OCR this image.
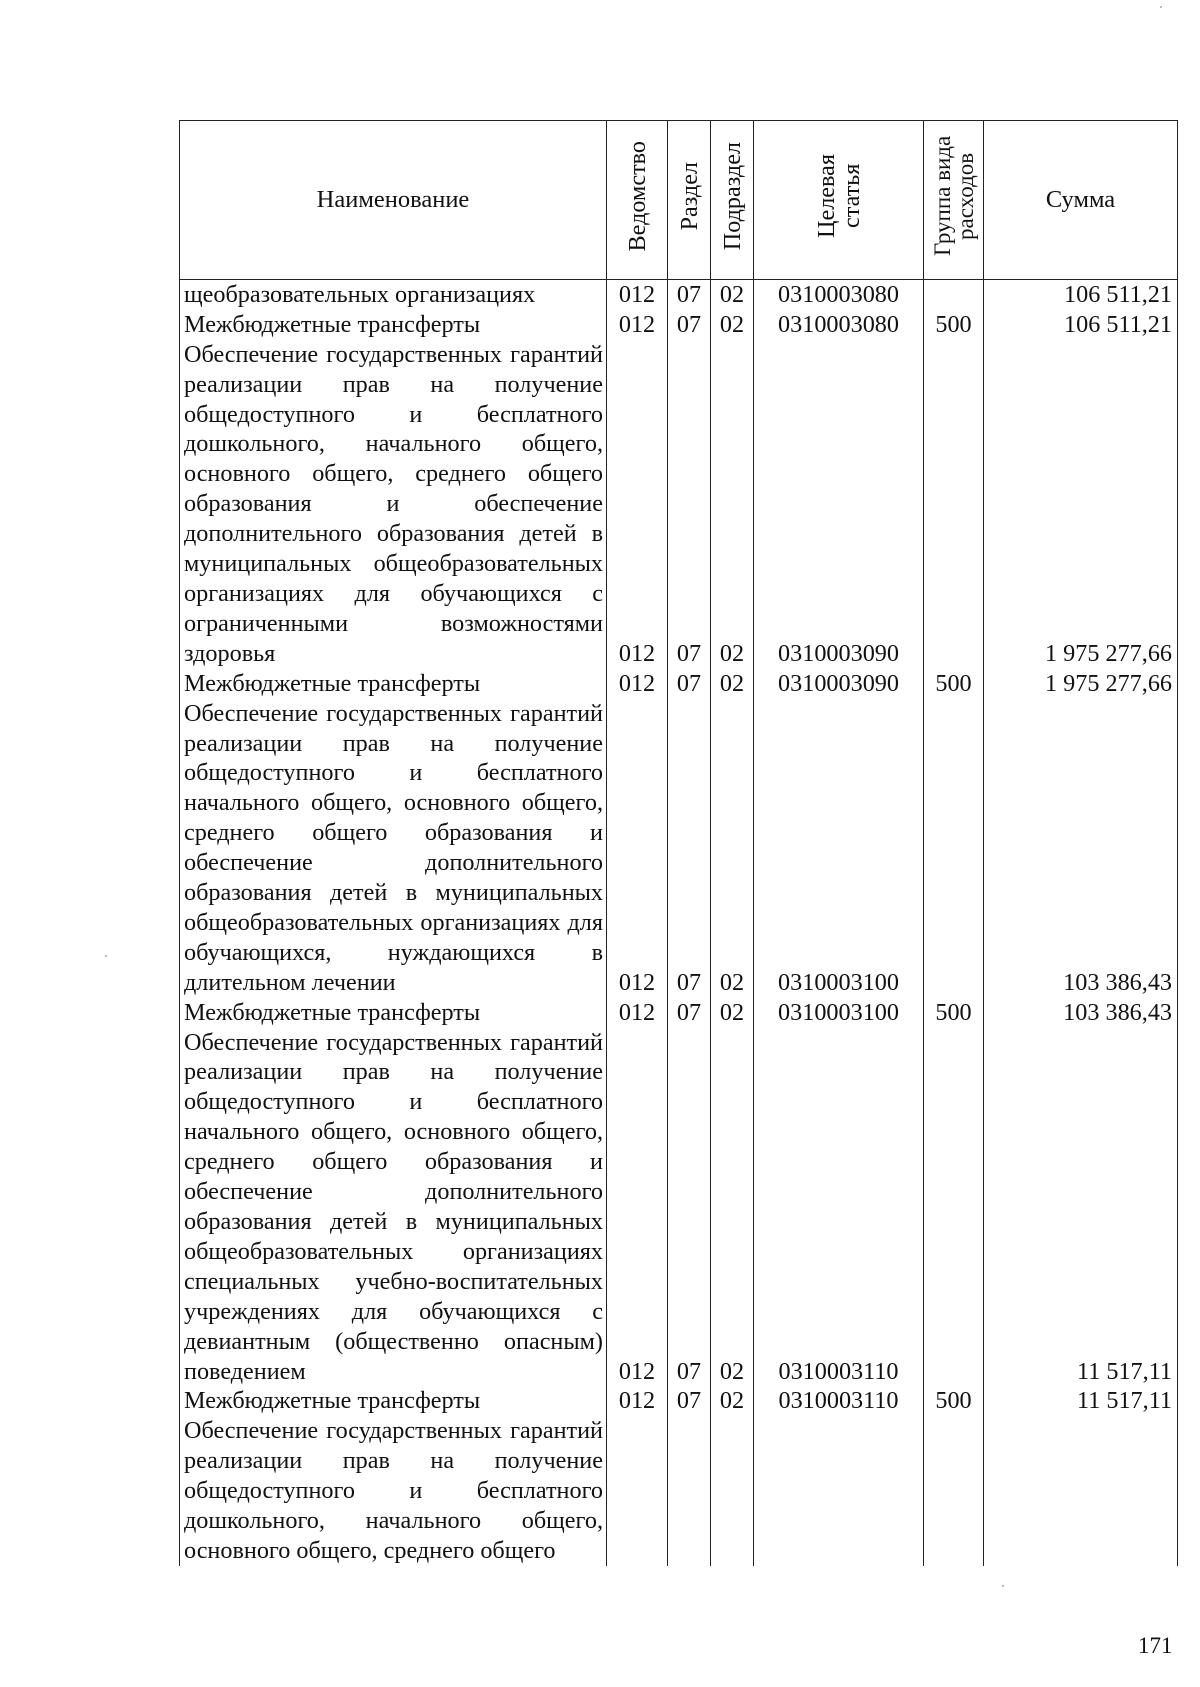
Наименование	Ведомство	Раздел	Подраздел	Целевая статья	Группа вида расходов	Сумма
щеобразовательных организациях	012	07	02	0310003080		106 511,21
Межбюджетные трансферты	012	07	02	0310003080	500	106 511,21
Обеспечение государственных гарантий реализации прав на получение общедоступного и бесплатного дошкольного, начального общего, основного общего, среднего общего образования и обеспечение дополнительного образования детей в муниципальных общеобразовательных организациях для обучающихся с ограниченными возможностями здоровья	012	07	02	0310003090		1 975 277,66
Межбюджетные трансферты	012	07	02	0310003090	500	1 975 277,66
Обеспечение государственных гарантий реализации прав на получение общедоступного и бесплатного начального общего, основного общего, среднего общего образования и обеспечение дополнительного образования детей в муниципальных общеобразовательных организациях для обучающихся, нуждающихся в длительном лечении	012	07	02	0310003100		103 386,43
Межбюджетные трансферты	012	07	02	0310003100	500	103 386,43
Обеспечение государственных гарантий реализации прав на получение общедоступного и бесплатного начального общего, основного общего, среднего общего образования и обеспечение дополнительного образования детей в муниципальных общеобразовательных организациях специальных учебно-воспитательных учреждениях для обучающихся с девиантным (общественно опасным) поведением	012	07	02	0310003110		11 517,11
Межбюджетные трансферты	012	07	02	0310003110	500	11 517,11
Обеспечение государственных гарантий реализации прав на получение общедоступного и бесплатного дошкольного, начального общего, основного общего, среднего общего						
171
